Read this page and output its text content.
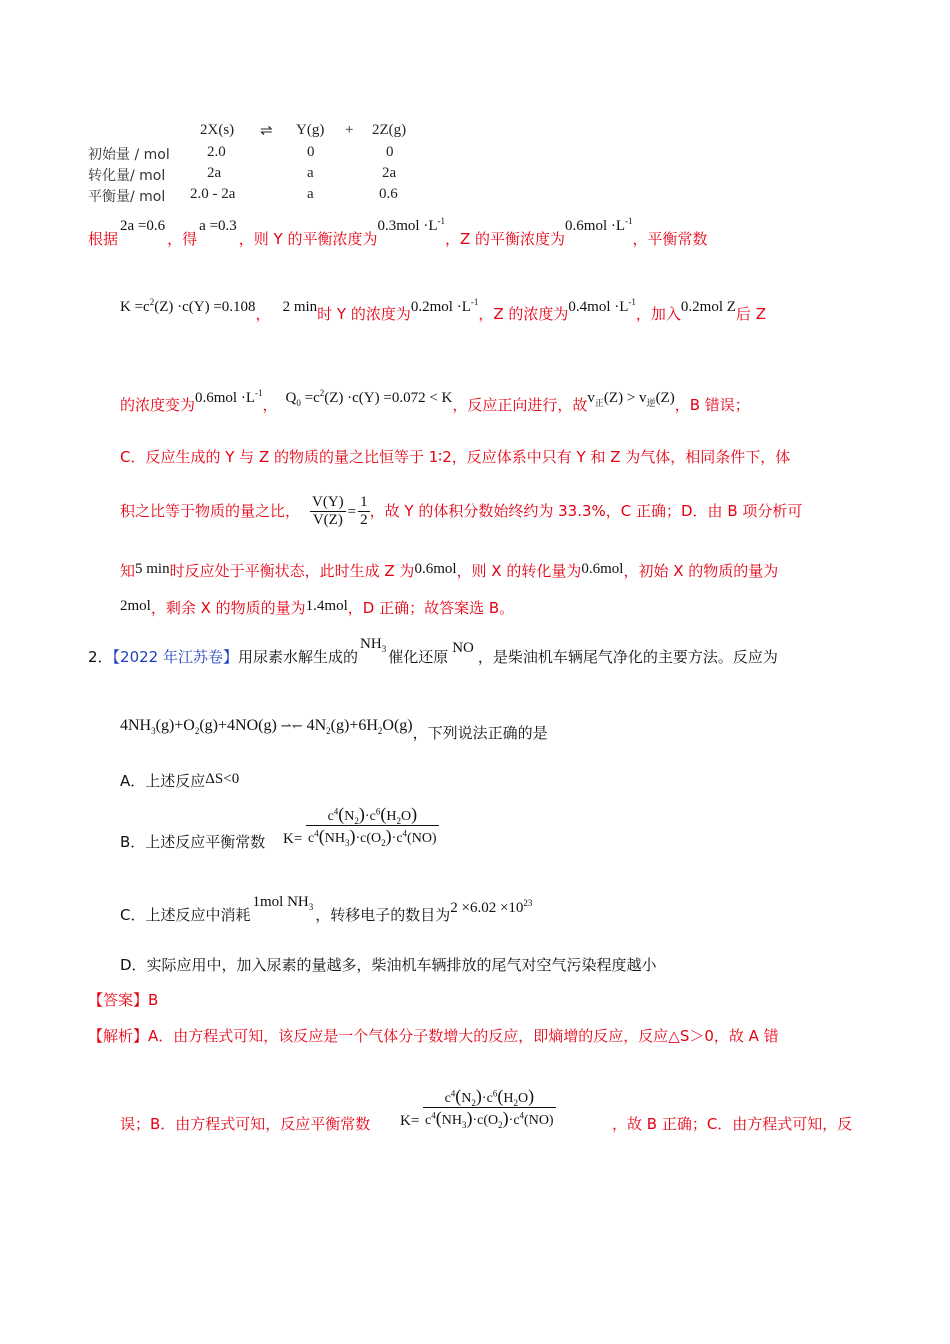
2X(s) ⇌ Y(g) + 2Z(g)
初始量 / mol 2.0	0	0
转化量/ mol	2a	a	2a
平衡量/ mol 2.0 - 2a	a	0.6
根据2a =0.6，得a =0.3，则 Y 的平衡浓度为$0.3mol \cdot L^{-1}$，Z 的平衡浓度为$0.6mol \cdot L^{-1}$，平衡常数
$K =c^2(Z) \cdot c(Y) =0.108$， 2 min时 Y 的浓度为$0.2mol \cdot L^{-1}$，Z 的浓度为$0.4mol \cdot L^{-1}$，加入0.2mol Z后 Z
的浓度变为$0.6mol \cdot L^{-1}$， $Q_0 =c^2(Z) \cdot c(Y) =0.072 < K$，反应正向进行，故$v_正(Z) > v_逆(Z)$，B 错误；
C．反应生成的 Y 与 Z 的物质的量之比恒等于 1∶2，反应体系中只有 Y 和 Z 为气体，相同条件下，体
积之比等于物质的量之比， $\frac{V(Y)}{V(Z)} = \frac{1}{2}$ ，故 Y 的体积分数始终约为 33.3%，C 正确；D．由 B 项分析可
知5 min时反应处于平衡状态，此时生成 Z 为0.6mol，则 X 的转化量为0.6mol，初始 X 的物质的量为
2mol，剩余 X 的物质的量为1.4mol，D 正确；故答案选 B。
2．【2022 年江苏卷】用尿素水解生成的$NH_3$ 催化还原 NO ，是柴油机车辆尾气净化的主要方法。反应为
$4NH_3(g)+O_2(g)+4NO(g)$ ⇀↽ $4N_2(g)+6H_2O(g)$，下列说法正确的是
A．上述反应ΔS<0
B．上述反应平衡常数 $K= \frac{c^4(N_2)\cdot c^6(H_2O)}{c^4(NH_3)\cdot c(O_2)\cdot c^4(NO)}$
C．上述反应中消耗1mol $NH_3$ ，转移电子的数目为$2 \times 6.02 \times 10^{23}$
D．实际应用中，加入尿素的量越多，柴油机车辆排放的尾气对空气污染程度越小
【答案】B
【解析】A．由方程式可知，该反应是一个气体分子数增大的反应，即熵增的反应，反应△S＞0，故 A 错
误；B．由方程式可知，反应平衡常数 $K= \frac{c^4(N_2)\cdot c^6(H_2O)}{c^4(NH_3)\cdot c(O_2)\cdot c^4(NO)}$	，故 B 正确；C．由方程式可知，反
